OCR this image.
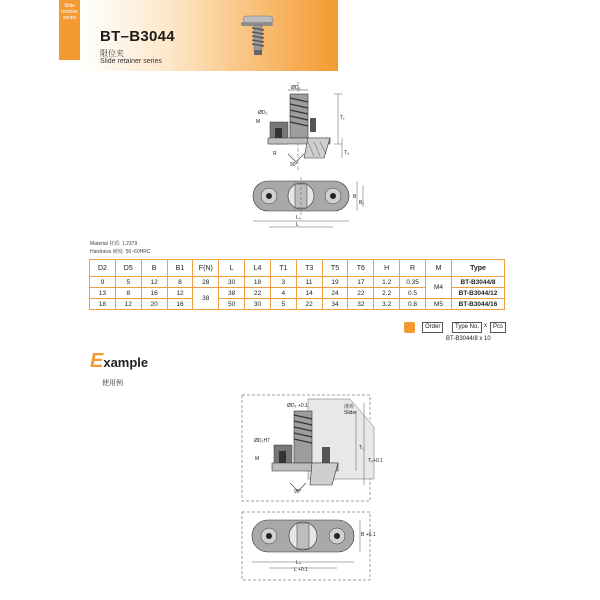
Slide retainer series
BT–B3044
限位夹
Slide retainer series
ØD₅
ØD₂
M
R
90°
T₁
T₆
L₄
L
B
B₁
Material 材质: 1.2379
Hardness 硬度: 56~60HRC
D2	D5	B	B1	F(N)	L	L4	T1	T3	T5	T6	H	R	M	Type
9	5	12	8	28	30	18	3	11	19	17	1.2	0.35	M4	BT-B3044/8
13	8	16	12	38	38	22	4	14	24	22	2.2	0.5		BT-B3044/12
18	12	20	16		50	30	5	22	34	32	3.2	0.8	M5	BT-B3044/16
Order	Type No. x	Pcs
BT-B3044/8 x 10
Example
使用例
ØD₅ +0.1	滑块
Slider
ØD₂H7
M
90°
T₁
T₅+0.1
L₄
L +0.1
B +0.1
